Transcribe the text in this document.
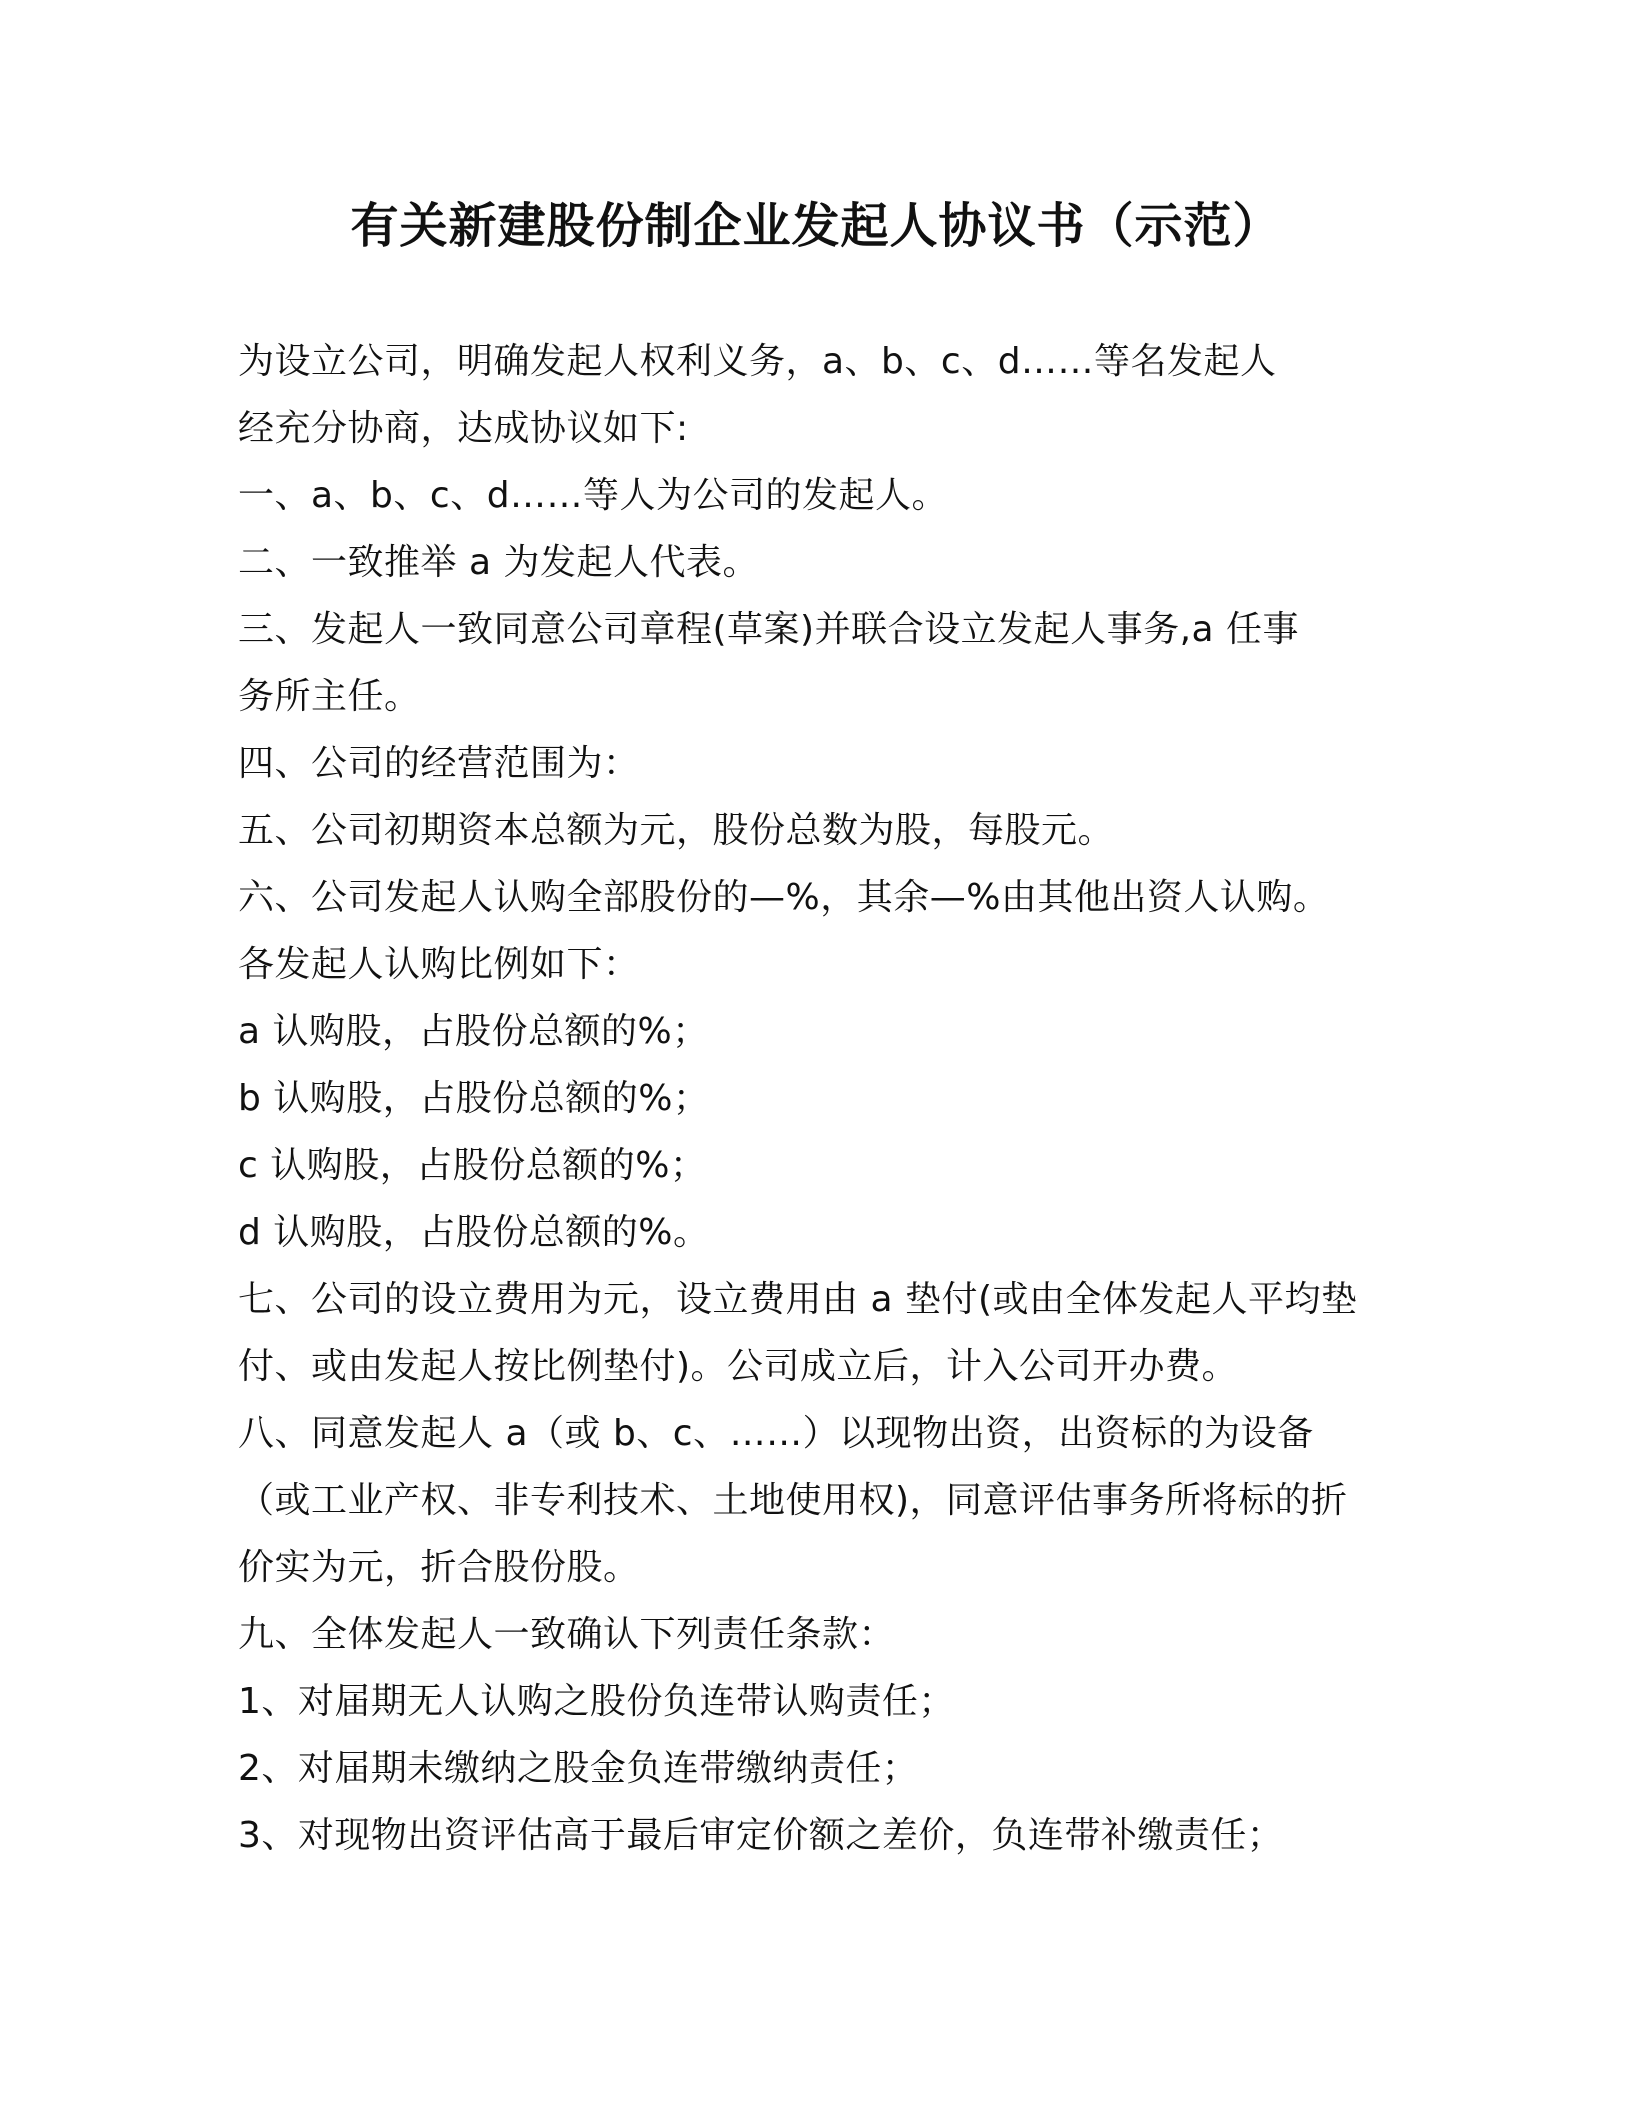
有关新建股份制企业发起人协议书（示范）
为设立公司，明确发起人权利义务，a、b、c、d……等名发起人
经充分协商，达成协议如下:
一、a、b、c、d……等人为公司的发起人。
二、一致推举 a 为发起人代表。
三、发起人一致同意公司章程(草案)并联合设立发起人事务,a 任事
务所主任。
四、公司的经营范围为：
五、公司初期资本总额为元，股份总数为股，每股元。
六、公司发起人认购全部股份的—%，其余—%由其他出资人认购。
各发起人认购比例如下：
a 认购股，占股份总额的%；
b 认购股，占股份总额的%；
c 认购股，占股份总额的%；
d 认购股，占股份总额的%。
七、公司的设立费用为元，设立费用由 a 垫付(或由全体发起人平均垫
付、或由发起人按比例垫付)。公司成立后，计入公司开办费。
八、同意发起人 a（或 b、c、……）以现物出资，出资标的为设备
（或工业产权、非专利技术、土地使用权)，同意评估事务所将标的折
价实为元，折合股份股。
九、全体发起人一致确认下列责任条款：
1、对届期无人认购之股份负连带认购责任；
2、对届期未缴纳之股金负连带缴纳责任；
3、对现物出资评估高于最后审定价额之差价，负连带补缴责任；
